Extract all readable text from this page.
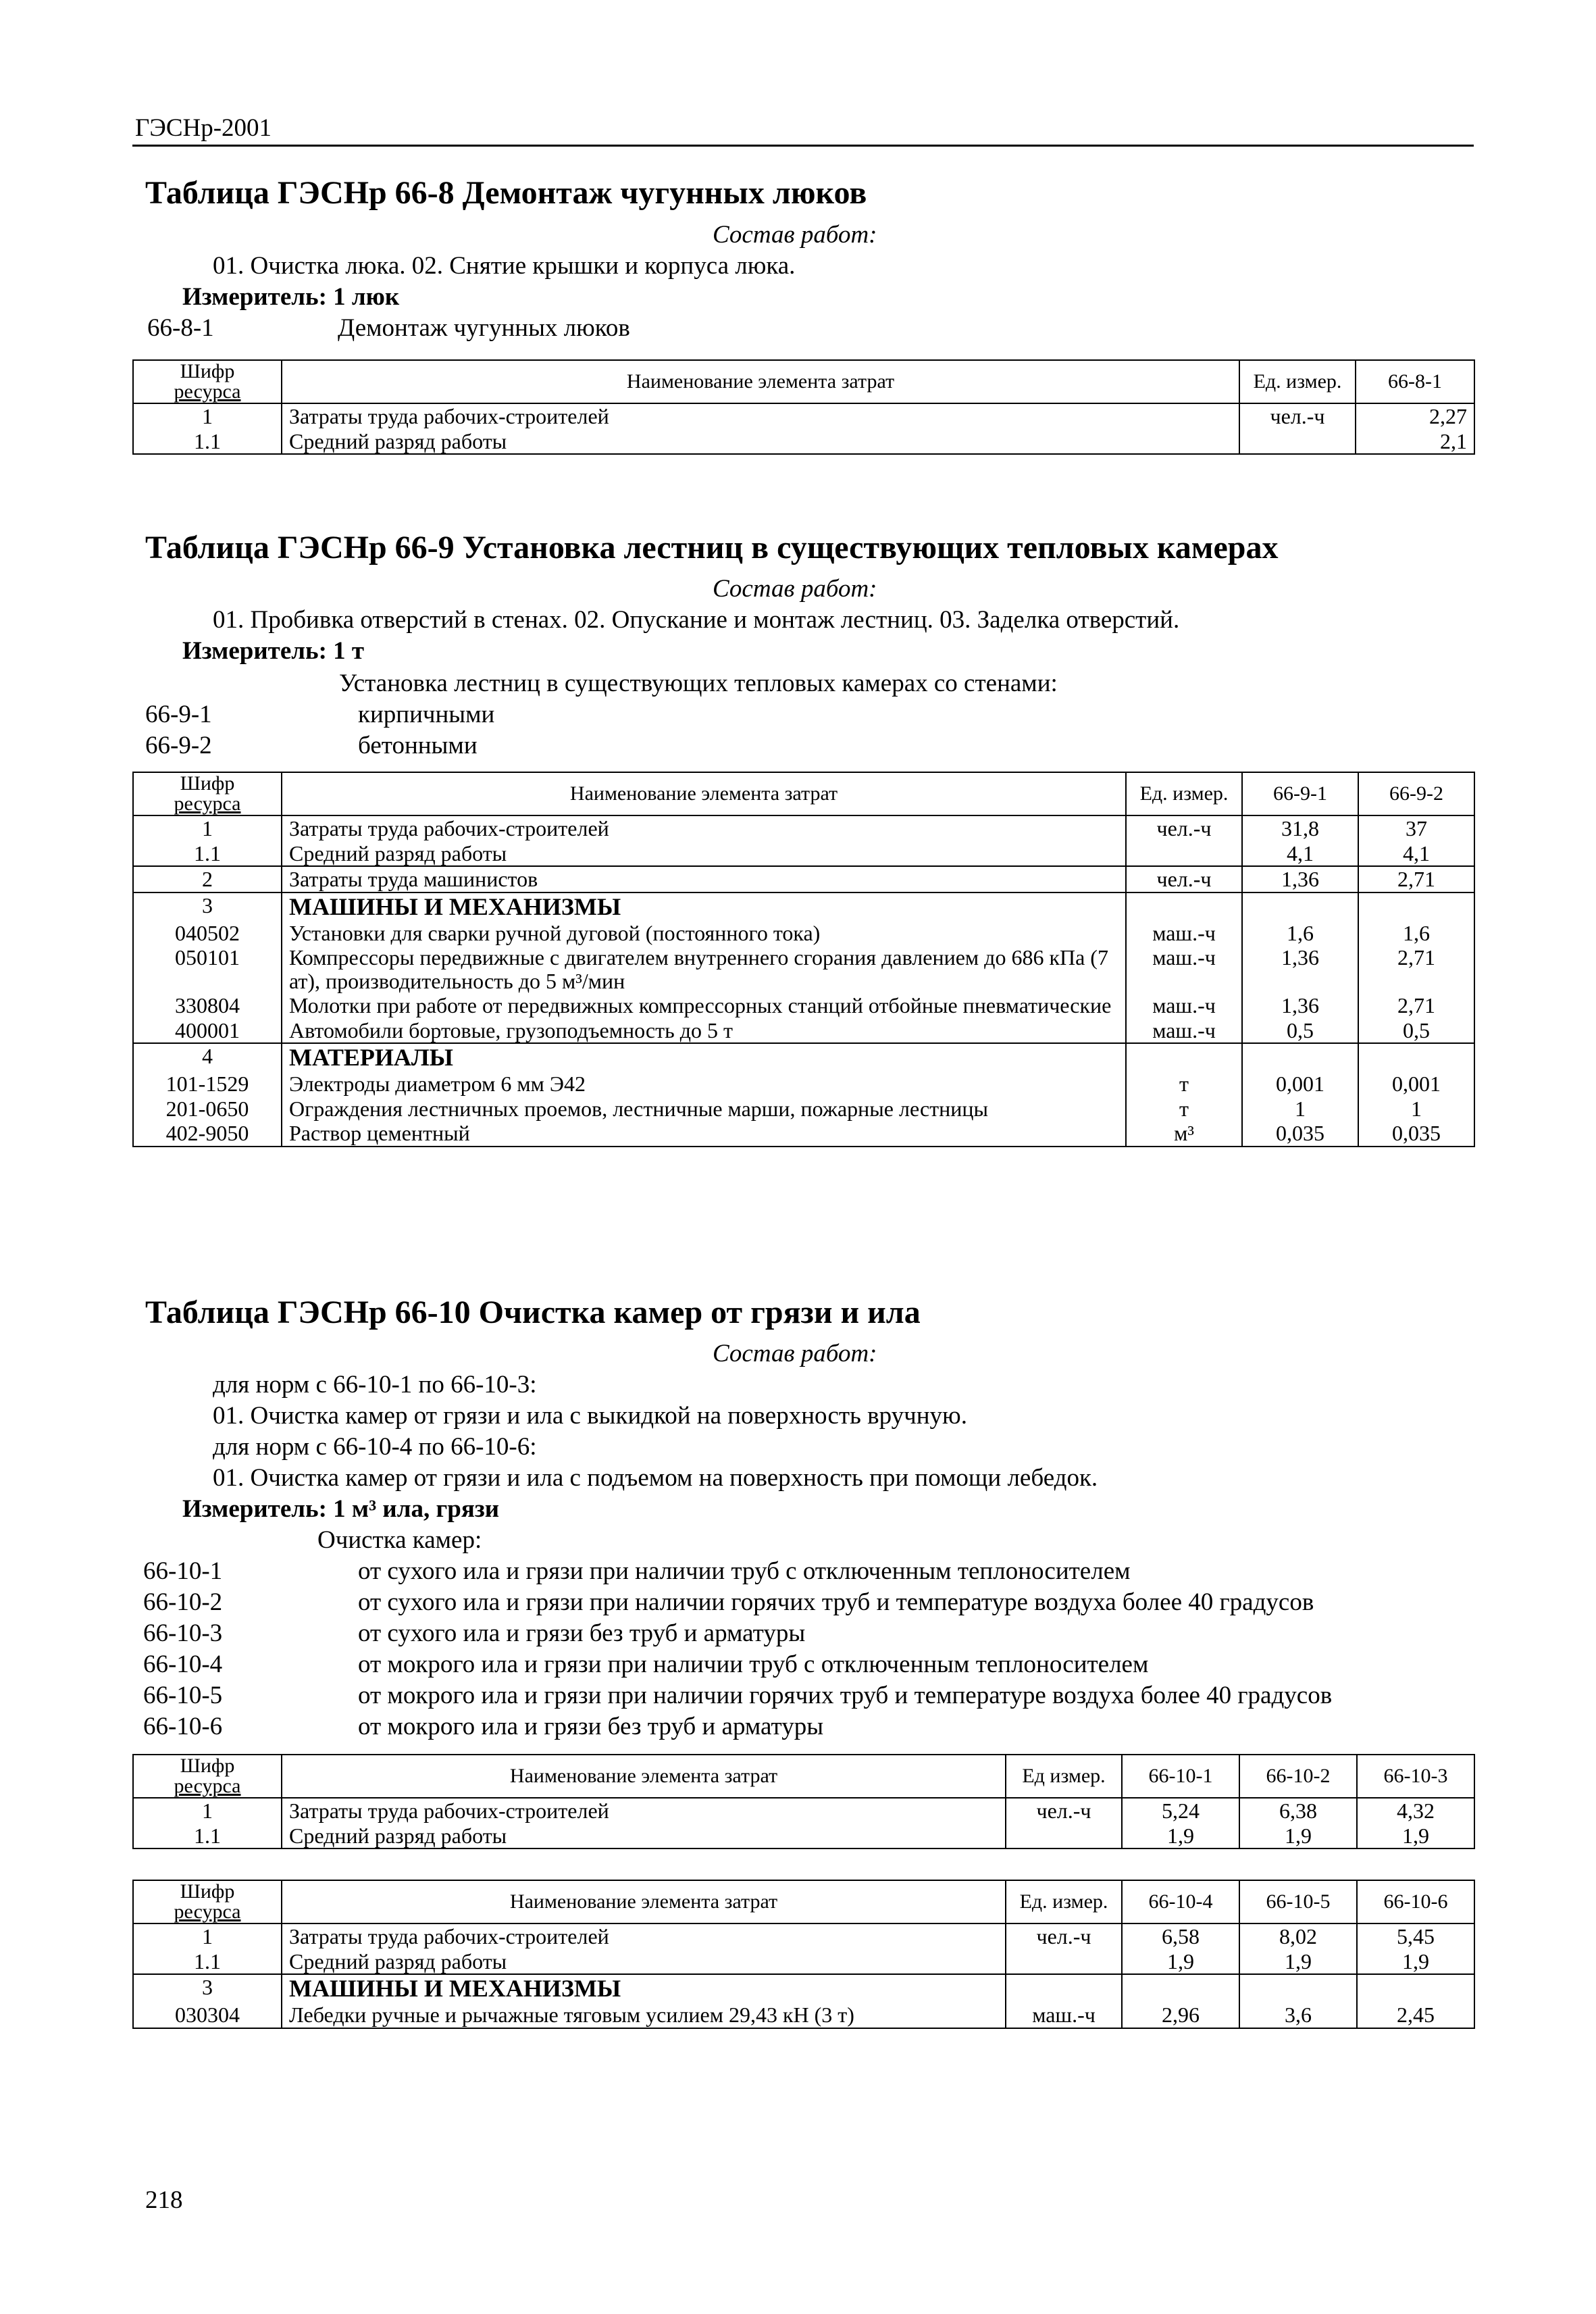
ГЭСНр-2001
Таблица ГЭСНр 66-8 Демонтаж чугунных люков
Состав работ:
01. Очистка люка. 02. Снятие крышки и корпуса люка.
Измеритель: 1 люк
66-8-1	Демонтаж чугунных люков
Шифр
ресурса	Наименование элемента затрат	Ед. измер.	66-8-1
1	Затраты труда рабочих-строителей	чел.-ч	2,27
1.1	Средний разряд работы		2,1
Таблица ГЭСНр 66-9 Установка лестниц в существующих тепловых камерах
Состав работ:
01. Пробивка отверстий в стенах. 02. Опускание и монтаж лестниц. 03. Заделка отверстий.
Измеритель: 1 т
Установка лестниц в существующих тепловых камерах со стенами:
66-9-1	кирпичными
66-9-2	бетонными
Шифр
ресурса	Наименование элемента затрат	Ед. измер.	66-9-1	66-9-2
1	Затраты труда рабочих-строителей	чел.-ч	31,8	37
1.1	Средний разряд работы		4,1	4,1
2	Затраты труда машинистов	чел.-ч	1,36	2,71
3	МАШИНЫ И МЕХАНИЗМЫ			
040502	Установки для сварки ручной дуговой (постоянного тока)	маш.-ч	1,6	1,6
050101	Компрессоры передвижные с двигателем внутреннего сгорания давлением до 686 кПа (7 ат), производительность до 5 м³/мин	маш.-ч	1,36	2,71
330804	Молотки при работе от передвижных компрессорных станций отбойные пневматические	маш.-ч	1,36	2,71
400001	Автомобили бортовые, грузоподъемность до 5 т	маш.-ч	0,5	0,5
4	МАТЕРИАЛЫ			
101-1529	Электроды диаметром 6 мм Э42	т	0,001	0,001
201-0650	Ограждения лестничных проемов, лестничные марши, пожарные лестницы	т	1	1
402-9050	Раствор цементный	м³	0,035	0,035
Таблица ГЭСНр 66-10 Очистка камер от грязи и ила
Состав работ:
для норм с 66-10-1 по 66-10-3:
01. Очистка камер от грязи и ила с выкидкой на поверхность вручную.
для норм с 66-10-4 по 66-10-6:
01. Очистка камер от грязи и ила с подъемом на поверхность при помощи лебедок.
Измеритель: 1 м³ ила, грязи
Очистка камер:
66-10-1	от сухого ила и грязи при наличии труб с отключенным теплоносителем
66-10-2	от сухого ила и грязи при наличии горячих труб и температуре воздуха более 40 градусов
66-10-3	от сухого ила и грязи без труб и арматуры
66-10-4	от мокрого ила и грязи при наличии труб с отключенным теплоносителем
66-10-5	от мокрого ила и грязи при наличии горячих труб и температуре воздуха более 40 градусов
66-10-6	от мокрого ила и грязи без труб и арматуры
Шифр
ресурса	Наименование элемента затрат	Ед измер.	66-10-1	66-10-2	66-10-3
1	Затраты труда рабочих-строителей	чел.-ч	5,24	6,38	4,32
1.1	Средний разряд работы		1,9	1,9	1,9
Шифр
ресурса	Наименование элемента затрат	Ед. измер.	66-10-4	66-10-5	66-10-6
1	Затраты труда рабочих-строителей	чел.-ч	6,58	8,02	5,45
1.1	Средний разряд работы		1,9	1,9	1,9
3	МАШИНЫ И МЕХАНИЗМЫ				
030304	Лебедки ручные и рычажные тяговым усилием 29,43 кН (3 т)	маш.-ч	2,96	3,6	2,45
218
